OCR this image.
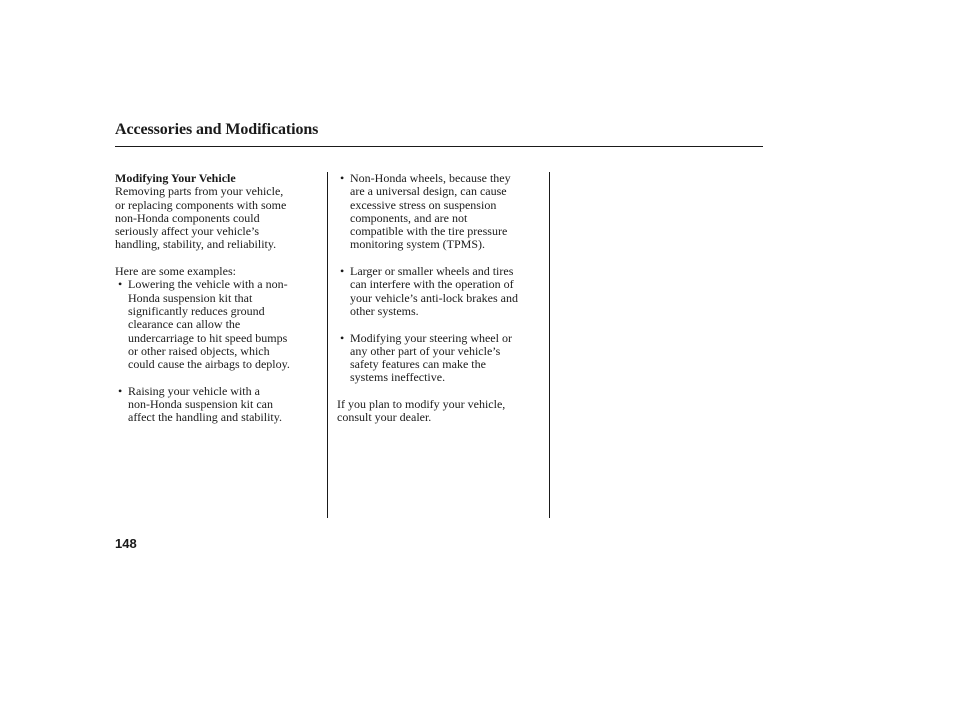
Accessories and Modifications

Modifying Your Vehicle

Removing parts from your vehicle,
or replacing components with some
non-Honda components could
seriously affect your vehicle’s
handling, stability, and reliability.

Here are some examples:

• Lowering the vehicle with a non-
Honda suspension kit that
significantly reduces ground
clearance can allow the
undercarriage to hit speed bumps
or other raised objects, which
could cause the airbags to deploy.
• Raising your vehicle with a
non-Honda suspension kit can
affect the handling and stability.
• Non-Honda wheels, because they
are a universal design, can cause
excessive stress on suspension
components, and are not
compatible with the tire pressure
monitoring system (TPMS).
• Larger or smaller wheels and tires
can interfere with the operation of
your vehicle’s anti-lock brakes and
other systems.
• Modifying your steering wheel or
any other part of your vehicle’s
safety features can make the
systems ineffective.

If you plan to modify your vehicle,
consult your dealer.

148
